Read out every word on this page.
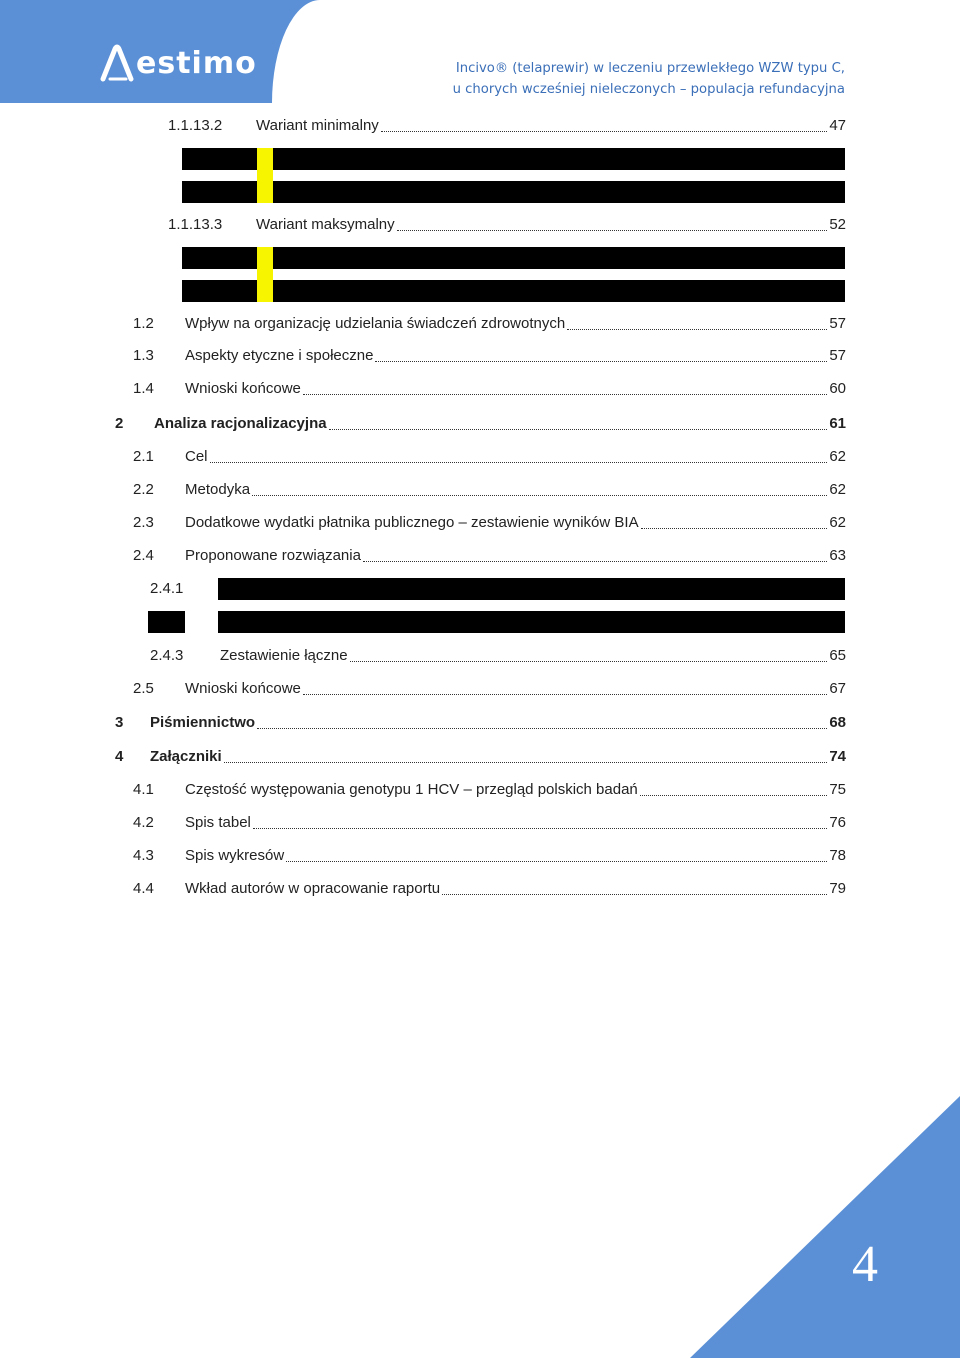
estimo	Incivo® (telaprewir) w leczeniu przewlekłego WZW typu C,
u chorych wcześniej nieleczonych – populacja refundacyjna
1.1.13.2	Wariant minimalny	47
1.1.13.3	Wariant maksymalny	52
1.2	Wpływ na organizację udzielania świadczeń zdrowotnych	57
1.3	Aspekty etyczne i społeczne	57
1.4	Wnioski końcowe	60
2	Analiza racjonalizacyjna	61
2.1	Cel	62
2.2	Metodyka	62
2.3	Dodatkowe wydatki płatnika publicznego – zestawienie wyników BIA	62
2.4	Proponowane rozwiązania	63
2.4.1
2.4.3	Zestawienie łączne	65
2.5	Wnioski końcowe	67
3	Piśmiennictwo	68
4	Załączniki	74
4.1	Częstość występowania genotypu 1 HCV – przegląd polskich badań	75
4.2	Spis tabel	76
4.3	Spis wykresów	78
4.4	Wkład autorów w opracowanie raportu	79
4
